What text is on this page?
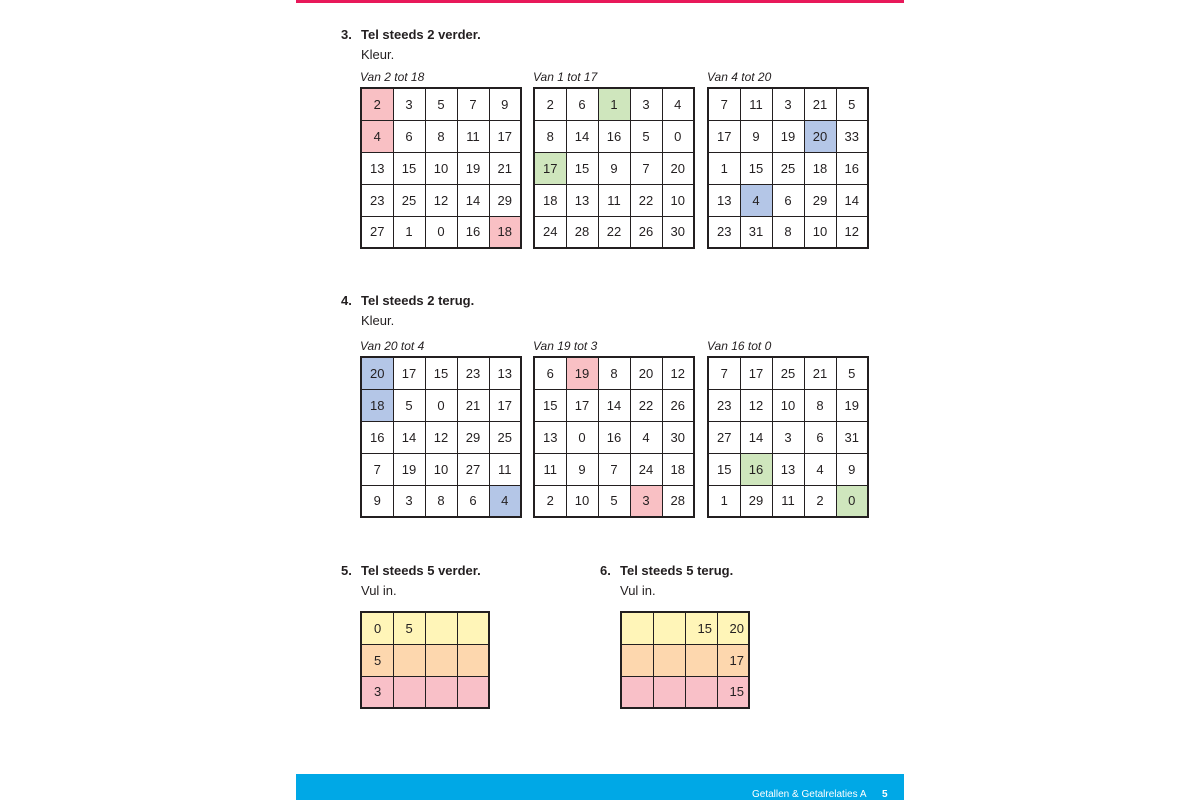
3. Tel steeds 2 verder.
Kleur.
Van 2 tot 18
2	3	5	7	9
4	6	8	11	17
13	15	10	19	21
23	25	12	14	29
27	1	0	16	18
Van 1 tot 17
2	6	1	3	4
8	14	16	5	0
17	15	9	7	20
18	13	11	22	10
24	28	22	26	30
Van 4 tot 20
7	11	3	21	5
17	9	19	20	33
1	15	25	18	16
13	4	6	29	14
23	31	8	10	12
4. Tel steeds 2 terug.
Kleur.
Van 20 tot 4
20	17	15	23	13
18	5	0	21	17
16	14	12	29	25
7	19	10	27	11
9	3	8	6	4
Van 19 tot 3
6	19	8	20	12
15	17	14	22	26
13	0	16	4	30
11	9	7	24	18
2	10	5	3	28
Van 16 tot 0
7	17	25	21	5
23	12	10	8	19
27	14	3	6	31
15	16	13	4	9
1	29	11	2	0
5. Tel steeds 5 verder.
Vul in.
0	5		
5			
3			
6. Tel steeds 5 terug.
Vul in.
		15	20
			17
			15
Getallen & Getalrelaties A 5
